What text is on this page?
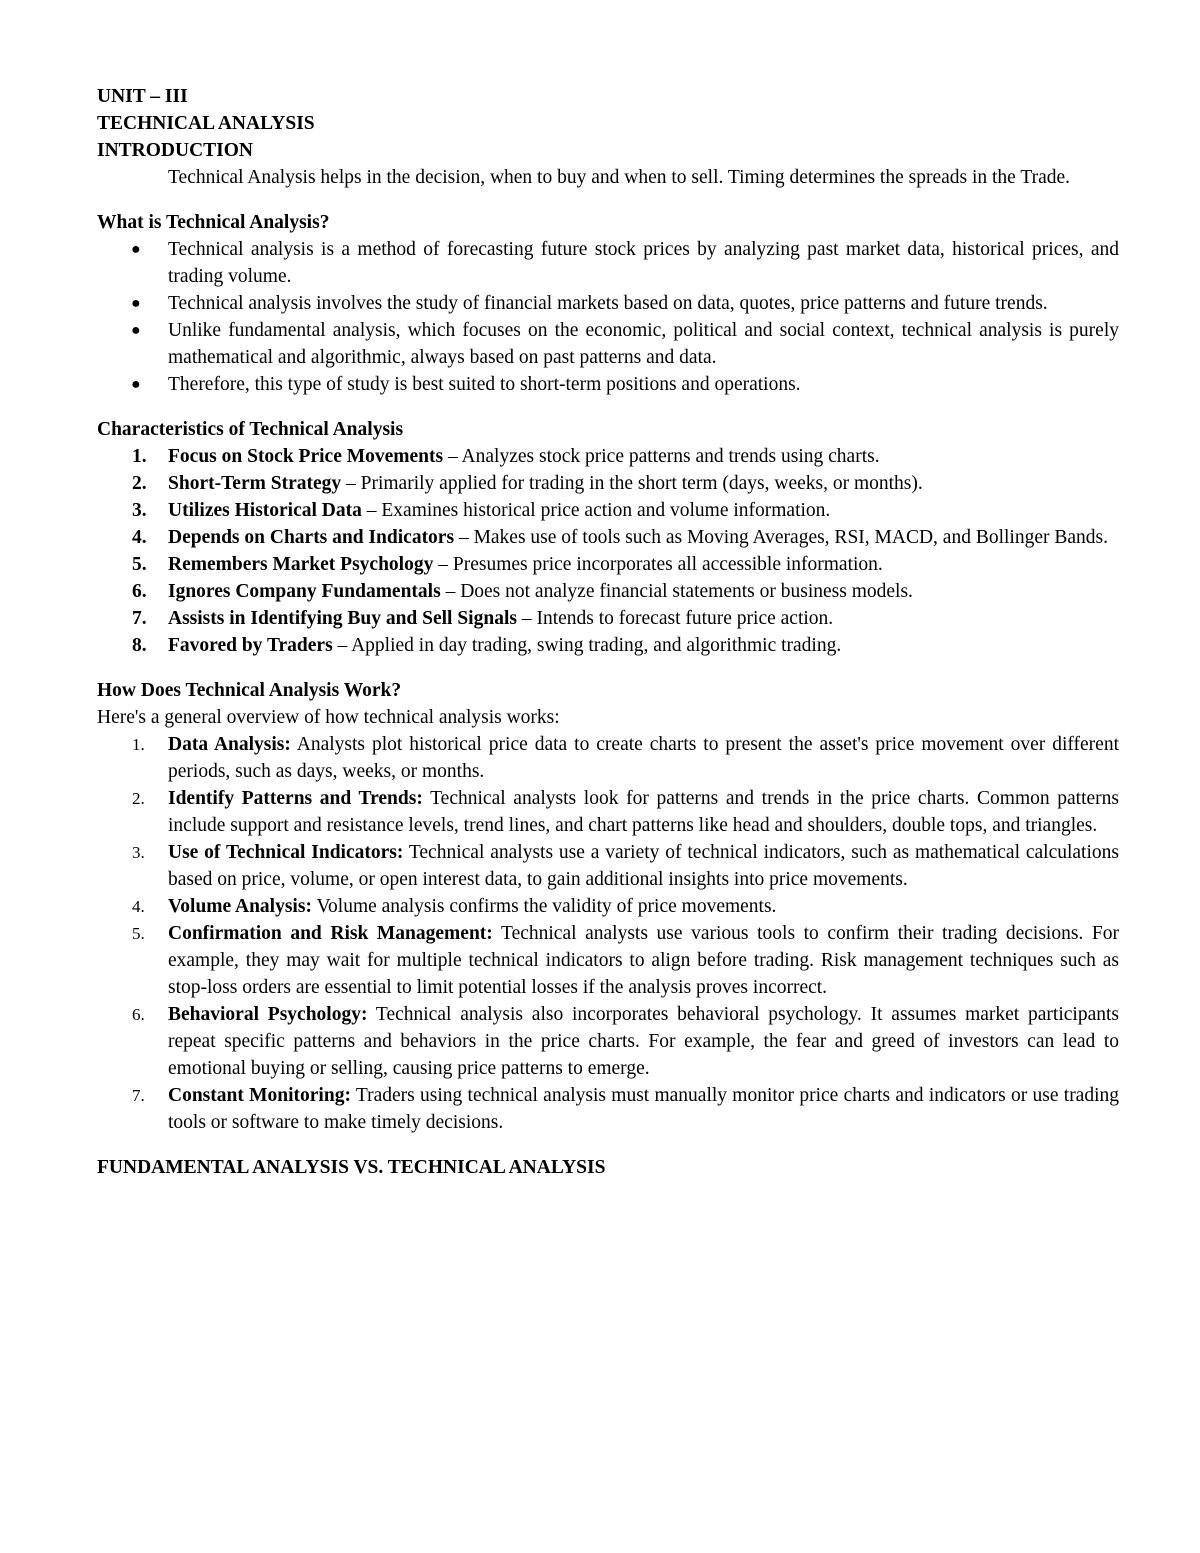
UNIT – III
TECHNICAL ANALYSIS
INTRODUCTION

Technical Analysis helps in the decision, when to buy and when to sell. Timing determines the spreads in the Trade.

What is Technical Analysis?
● Technical analysis is a method of forecasting future stock prices by analyzing past market data, historical prices, and trading volume.
● Technical analysis involves the study of financial markets based on data, quotes, price patterns and future trends.
● Unlike fundamental analysis, which focuses on the economic, political and social context, technical analysis is purely mathematical and algorithmic, always based on past patterns and data.
● Therefore, this type of study is best suited to short-term positions and operations.
Characteristics of Technical Analysis
1. Focus on Stock Price Movements – Analyzes stock price patterns and trends using charts.
2. Short-Term Strategy – Primarily applied for trading in the short term (days, weeks, or months).
3. Utilizes Historical Data – Examines historical price action and volume information.
4. Depends on Charts and Indicators – Makes use of tools such as Moving Averages, RSI, MACD, and Bollinger Bands.
5. Remembers Market Psychology – Presumes price incorporates all accessible information.
6. Ignores Company Fundamentals – Does not analyze financial statements or business models.
7. Assists in Identifying Buy and Sell Signals – Intends to forecast future price action.
8. Favored by Traders – Applied in day trading, swing trading, and algorithmic trading.
How Does Technical Analysis Work?
Here's a general overview of how technical analysis works:
1. Data Analysis: Analysts plot historical price data to create charts to present the asset's price movement over different periods, such as days, weeks, or months.
2. Identify Patterns and Trends: Technical analysts look for patterns and trends in the price charts. Common patterns include support and resistance levels, trend lines, and chart patterns like head and shoulders, double tops, and triangles.
3. Use of Technical Indicators: Technical analysts use a variety of technical indicators, such as mathematical calculations based on price, volume, or open interest data, to gain additional insights into price movements.
4. Volume Analysis: Volume analysis confirms the validity of price movements.
5. Confirmation and Risk Management: Technical analysts use various tools to confirm their trading decisions. For example, they may wait for multiple technical indicators to align before trading. Risk management techniques such as stop-loss orders are essential to limit potential losses if the analysis proves incorrect.
6. Behavioral Psychology: Technical analysis also incorporates behavioral psychology. It assumes market participants repeat specific patterns and behaviors in the price charts. For example, the fear and greed of investors can lead to emotional buying or selling, causing price patterns to emerge.
7. Constant Monitoring: Traders using technical analysis must manually monitor price charts and indicators or use trading tools or software to make timely decisions.
FUNDAMENTAL ANALYSIS VS. TECHNICAL ANALYSIS
